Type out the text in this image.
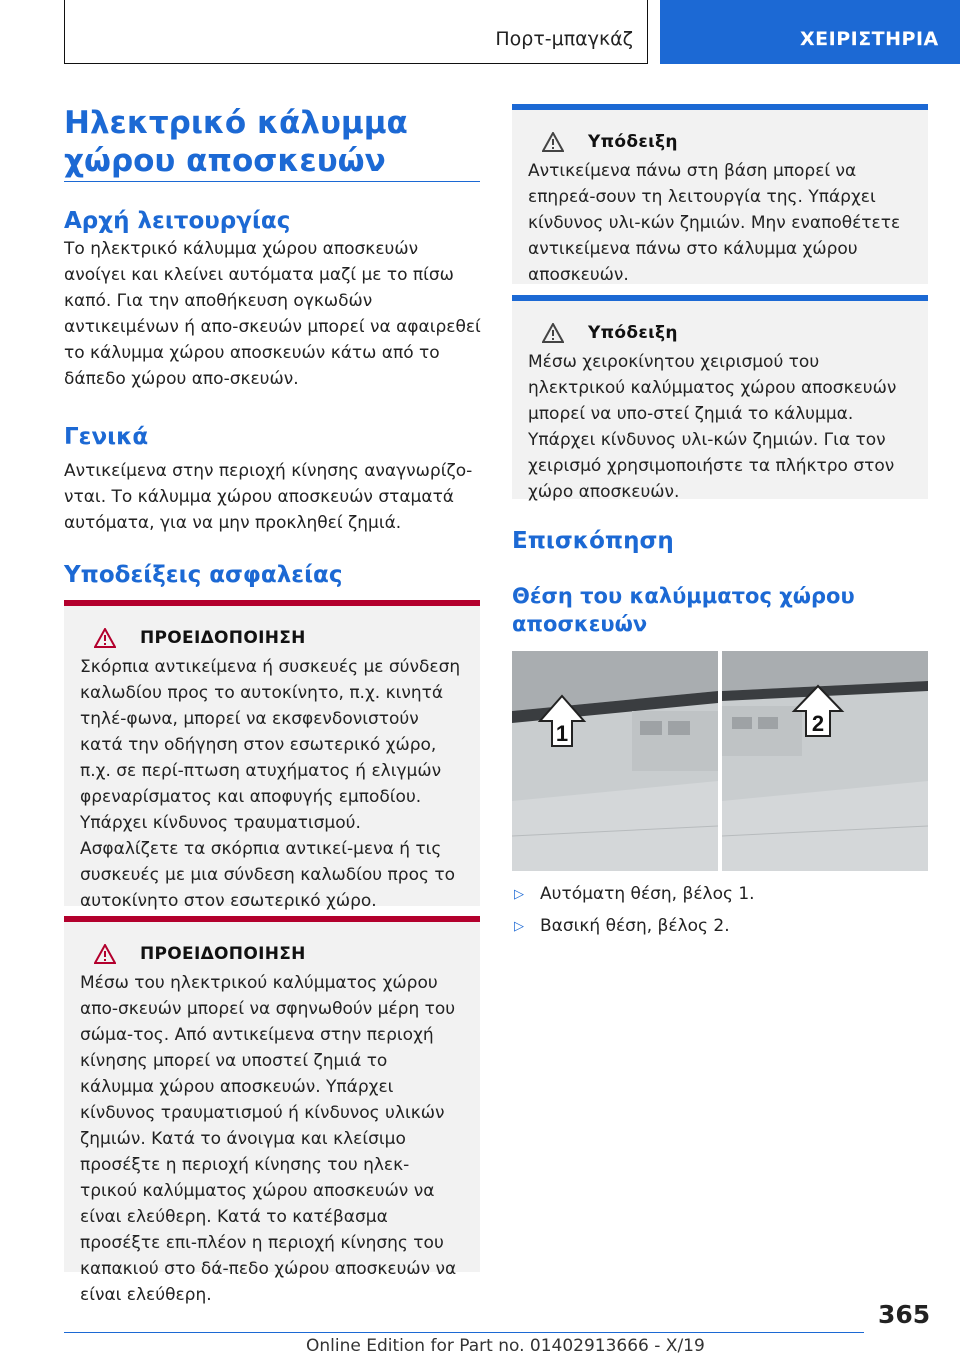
Πορτ-μπαγκάζ	ΧΕΙΡΙΣΤΗΡΙΑ
Ηλεκτρικό κάλυμμα χώρου αποσκευών
Αρχή λειτουργίας

Το ηλεκτρικό κάλυμμα χώρου αποσκευών ανοίγει και κλείνει αυτόματα μαζί με το πίσω καπό. Για την αποθήκευση ογκωδών αντικειμένων ή απο-σκευών μπορεί να αφαιρεθεί το κάλυμμα χώρου αποσκευών κάτω από το δάπεδο χώρου απο-σκευών.

Γενικά

Αντικείμενα στην περιοχή κίνησης αναγνωρίζο-νται. Το κάλυμμα χώρου αποσκευών σταματά αυτόματα, για να μην προκληθεί ζημιά.

Υποδείξεις ασφαλείας
ΠΡΟΕΙΔΟΠΟΙΗΣΗ

Σκόρπια αντικείμενα ή συσκευές με σύνδεση καλωδίου προς το αυτοκίνητο, π.χ. κινητά τηλέ-φωνα, μπορεί να εκσφενδονιστούν κατά την οδήγηση στον εσωτερικό χώρο, π.χ. σε περί-πτωση ατυχήματος ή ελιγμών φρεναρίσματος και αποφυγής εμποδίου. Υπάρχει κίνδυνος τραυματισμού. Ασφαλίζετε τα σκόρπια αντικεί-μενα ή τις συσκευές με μια σύνδεση καλωδίου προς το αυτοκίνητο στον εσωτερικό χώρο.

ΠΡΟΕΙΔΟΠΟΙΗΣΗ

Μέσω του ηλεκτρικού καλύμματος χώρου απο-σκευών μπορεί να σφηνωθούν μέρη του σώμα-τος. Από αντικείμενα στην περιοχή κίνησης μπορεί να υποστεί ζημιά το κάλυμμα χώρου αποσκευών. Υπάρχει κίνδυνος τραυματισμού ή κίνδυνος υλικών ζημιών. Κατά το άνοιγμα και κλείσιμο προσέξτε η περιοχή κίνησης του ηλεκ-τρικού καλύμματος χώρου αποσκευών να είναι ελεύθερη. Κατά το κατέβασμα προσέξτε επι-πλέον η περιοχή κίνησης του καπακιού στο δά-πεδο χώρου αποσκευών να είναι ελεύθερη.

Υπόδειξη

Αντικείμενα πάνω στη βάση μπορεί να επηρεά-σουν τη λειτουργία της. Υπάρχει κίνδυνος υλι-κών ζημιών. Μην εναποθέτετε αντικείμενα πάνω στο κάλυμμα χώρου αποσκευών.

Υπόδειξη

Μέσω χειροκίνητου χειρισμού του ηλεκτρικού καλύμματος χώρου αποσκευών μπορεί να υπο-στεί ζημιά το κάλυμμα. Υπάρχει κίνδυνος υλι-κών ζημιών. Για τον χειρισμό χρησιμοποιήστε τα πλήκτρο στον χώρο αποσκευών.

Επισκόπηση
Θέση του καλύμματος χώρου αποσκευών
1	2
▷ Αυτόματη θέση, βέλος 1.
▷ Βασική θέση, βέλος 2.
365
Online Edition for Part no. 01402913666 - X/19
